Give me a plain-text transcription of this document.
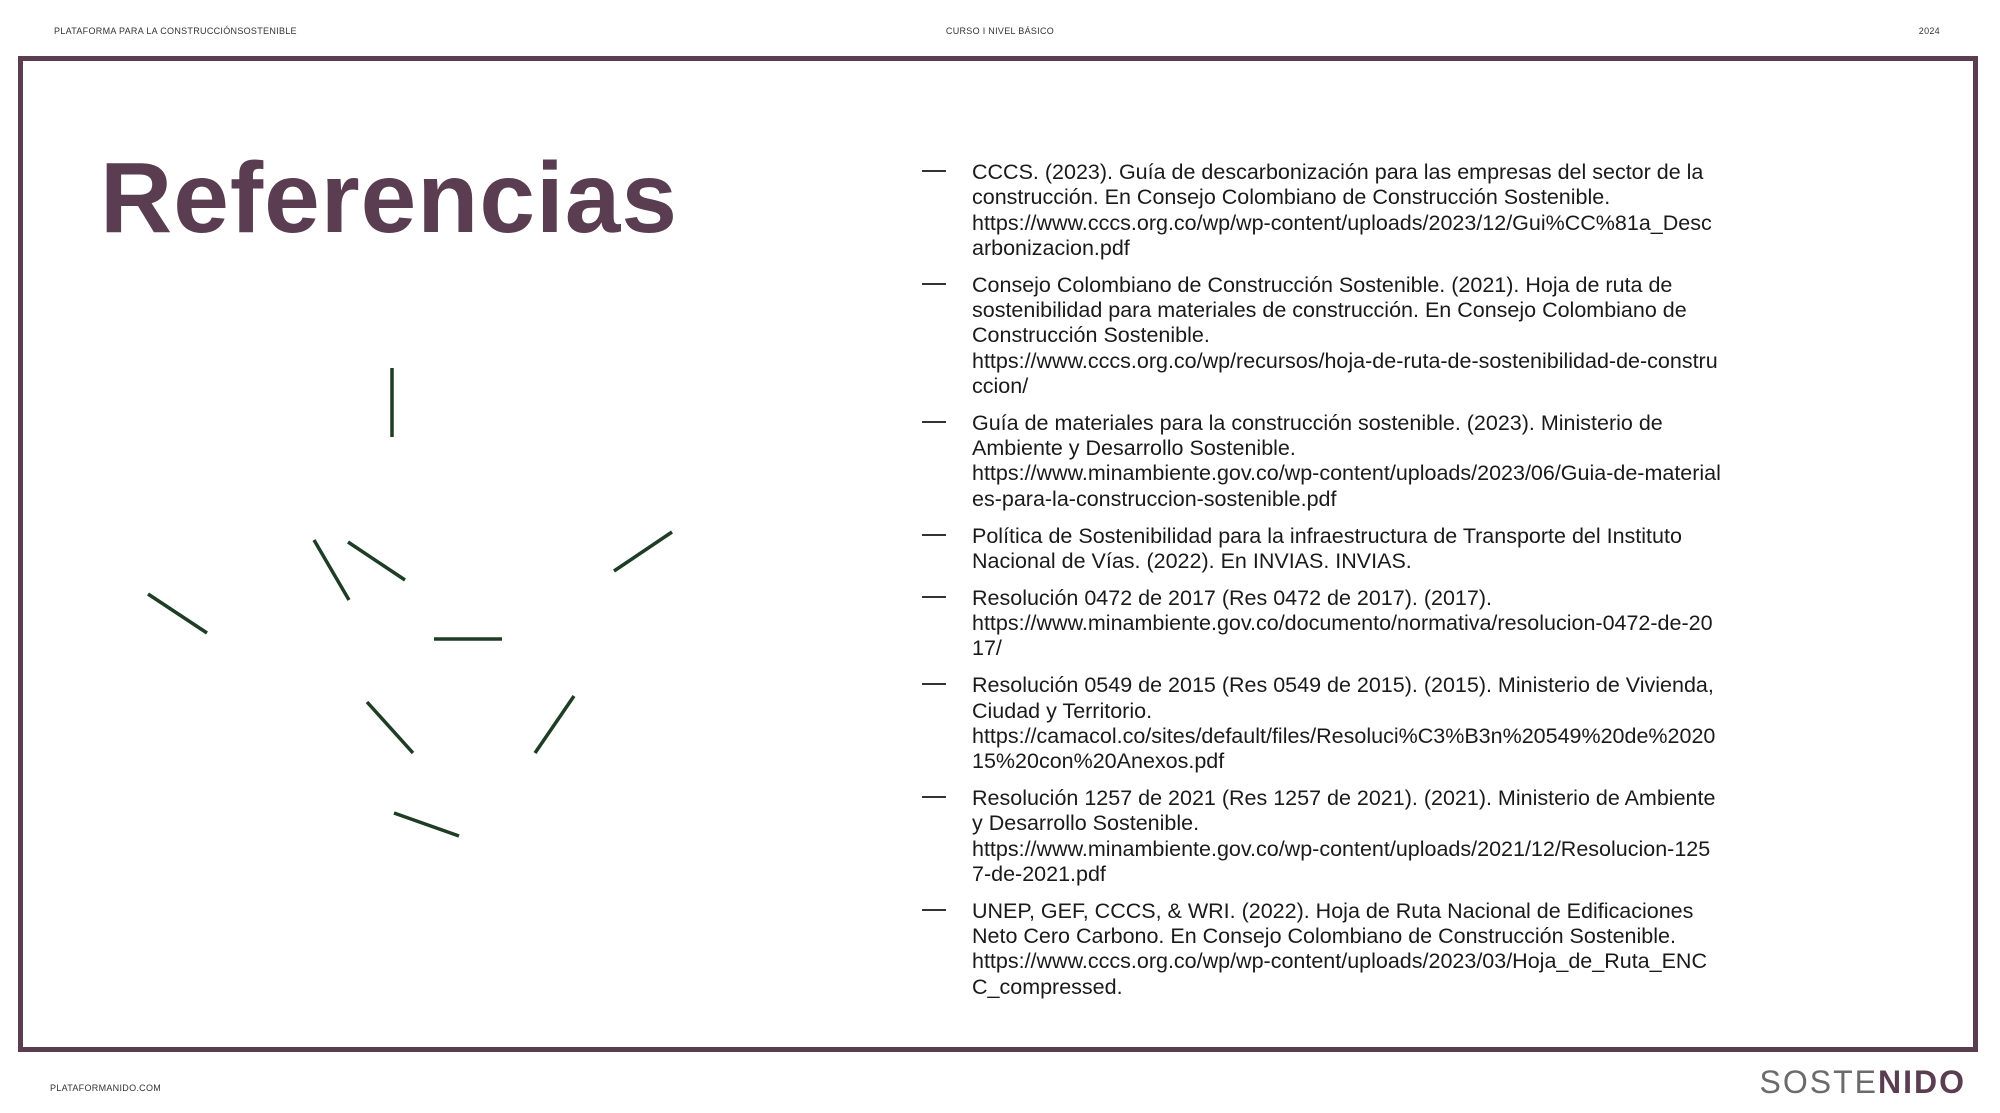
PLATAFORMA PARA LA CONSTRUCCIÓNSOSTENIBLE	CURSO I NIVEL BÁSICO	2024
Referencias	CCCS. (2023). Guía de descarbonización para las empresas del sector de la construcción. En Consejo Colombiano de Construcción Sostenible.
https://www.cccs.org.co/wp/wp-content/uploads/2023/12/Gui%CC%81a_Descarbonizacion.pdf
Consejo Colombiano de Construcción Sostenible. (2021). Hoja de ruta de sostenibilidad para materiales de construcción. En Consejo Colombiano de Construcción Sostenible.
https://www.cccs.org.co/wp/recursos/hoja-de-ruta-de-sostenibilidad-de-construccion/
Guía de materiales para la construcción sostenible. (2023). Ministerio de Ambiente y Desarrollo Sostenible.
https://www.minambiente.gov.co/wp-content/uploads/2023/06/Guia-de-materiales-para-la-construccion-sostenible.pdf
Política de Sostenibilidad para la infraestructura de Transporte del Instituto Nacional de Vías. (2022). En INVIAS. INVIAS.
Resolución 0472 de 2017 (Res 0472 de 2017). (2017).
https://www.minambiente.gov.co/documento/normativa/resolucion-0472-de-2017/
Resolución 0549 de 2015 (Res 0549 de 2015). (2015). Ministerio de Vivienda, Ciudad y Territorio.
https://camacol.co/sites/default/files/Resoluci%C3%B3n%20549%20de%202015%20con%20Anexos.pdf
Resolución 1257 de 2021 (Res 1257 de 2021). (2021). Ministerio de Ambiente y Desarrollo Sostenible.
https://www.minambiente.gov.co/wp-content/uploads/2021/12/Resolucion-1257-de-2021.pdf
UNEP, GEF, CCCS, & WRI. (2022). Hoja de Ruta Nacional de Edificaciones Neto Cero Carbono. En Consejo Colombiano de Construcción Sostenible.
https://www.cccs.org.co/wp/wp-content/uploads/2023/03/Hoja_de_Ruta_ENCC_compressed.
PLATAFORMANIDO.COM	SOSTENIDO
